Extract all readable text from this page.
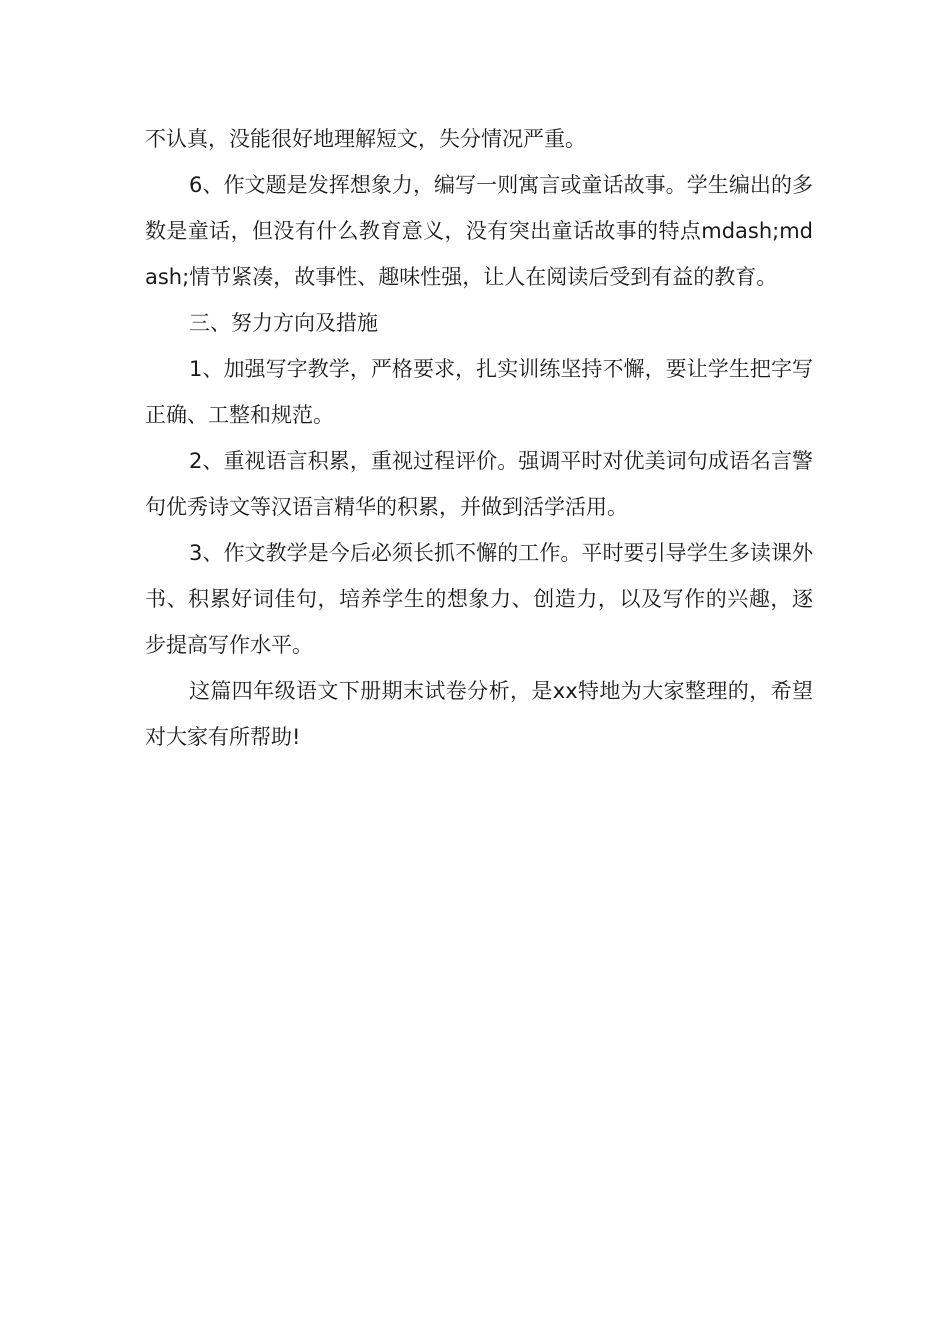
不认真，没能很好地理解短文，失分情况严重。

6、作文题是发挥想象力，编写一则寓言或童话故事。学生编出的多数是童话，但没有什么教育意义，没有突出童话故事的特点mdash;mdash;情节紧凑，故事性、趣味性强，让人在阅读后受到有益的教育。

三、努力方向及措施

1、加强写字教学，严格要求，扎实训练坚持不懈，要让学生把字写正确、工整和规范。

2、重视语言积累，重视过程评价。强调平时对优美词句成语名言警句优秀诗文等汉语言精华的积累，并做到活学活用。

3、作文教学是今后必须长抓不懈的工作。平时要引导学生多读课外书、积累好词佳句，培养学生的想象力、创造力，以及写作的兴趣，逐步提高写作水平。

这篇四年级语文下册期末试卷分析，是xx特地为大家整理的，希望对大家有所帮助!
